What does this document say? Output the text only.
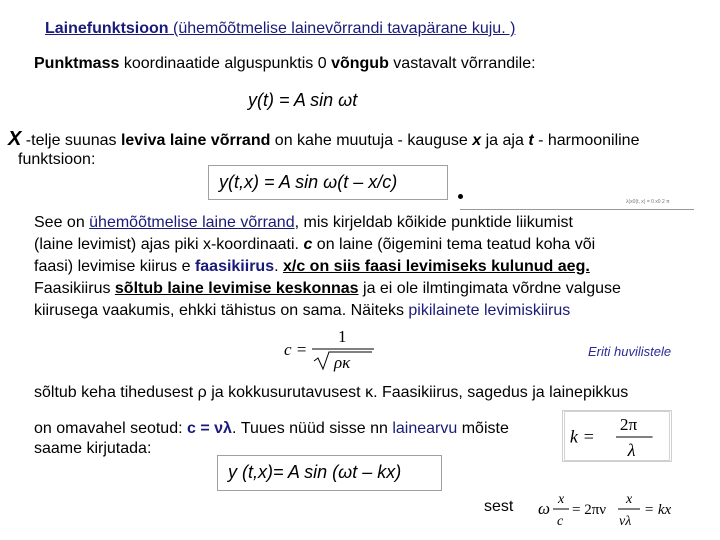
Lainefunktsioon (ühemõõtmelise lainevõrrandi tavapärane kuju. )
Punktmass koordinaatide alguspunktis 0 võngub vastavalt võrrandile:
y(t) = A sin ωt
X -telje suunas leviva laine võrrand on kahe muutuja - kauguse x ja aja t - harmooniline
funktsioon:
y(t,x) = A sin ω(t – x/c)
λ(x0(t, x) = 0 x0 2 π
See on ühemõõtmelise laine võrrand, mis kirjeldab kõikide punktide liikumist
(laine levimist) ajas piki x-koordinaati. c on laine (õigemini tema teatud koha või
faasi) levimise kiirus e faasikiirus. x/c on siis faasi levimiseks kulunud aeg.
Faasikiirus sõltub laine levimise keskonnas ja ei ole ilmtingimata võrdne valguse
kiirusega vaakumis, ehkki tähistus on sama. Näiteks pikilainete levimiskiirus
c =
1
ρκ
Eriti huvilistele
sõltub keha tihedusest ρ ja kokkusurutavusest κ. Faasikiirus, sagedus ja lainepikkus
on omavahel seotud: c = νλ. Tuues nüüd sisse nn lainearvu mõiste
saame kirjutada:
k =
2π
λ
y (t,x)= A sin (ωt – kx)
sest ω x
c
= 2πν
x
νλ
= kx
